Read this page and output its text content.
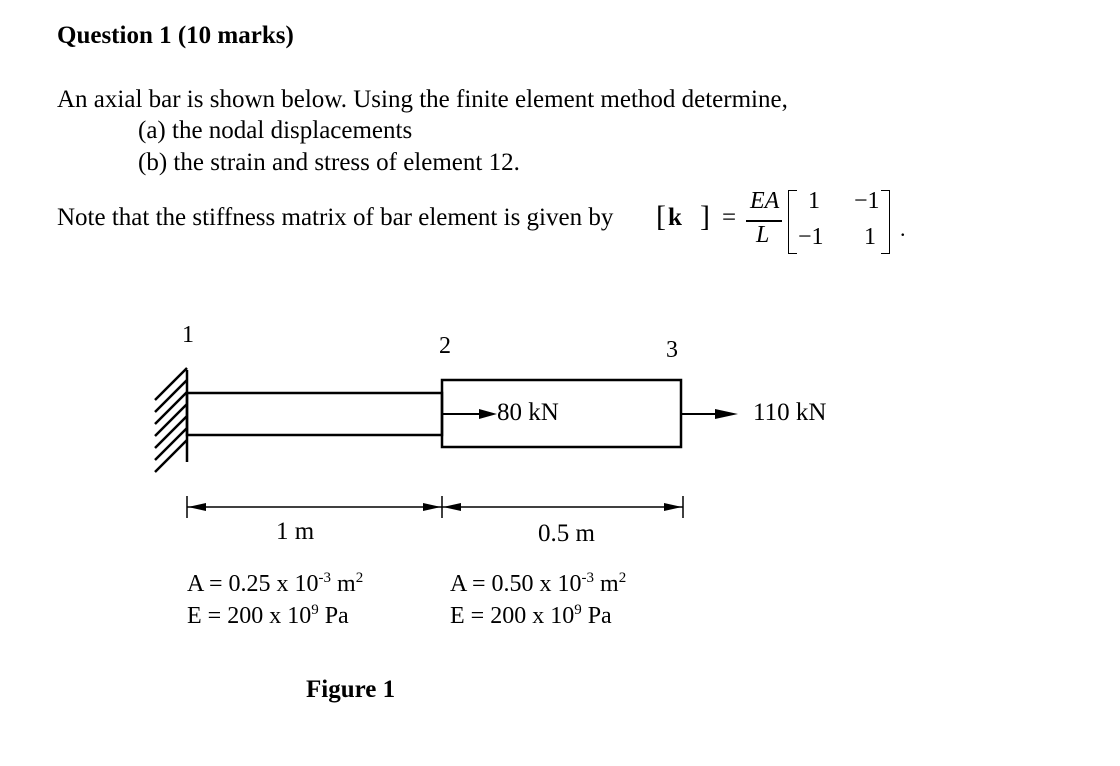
Question 1 (10 marks)
An axial bar is shown below. Using the finite element method determine,
(a) the nodal displacements
(b) the strain and stress of element 12.
Note that the stiffness matrix of bar element is given by [ k ] =
EA
L
1 −1
−1 1 .
1	2	3
80 kN	110 kN
1 m	0.5 m
A = 0.25 x $10^{-3}$ $m^2$
E = 200 x $10^9$ Pa
A = 0.50 x $10^{-3}$ $m^2$
E = 200 x $10^9$ Pa
Figure 1
